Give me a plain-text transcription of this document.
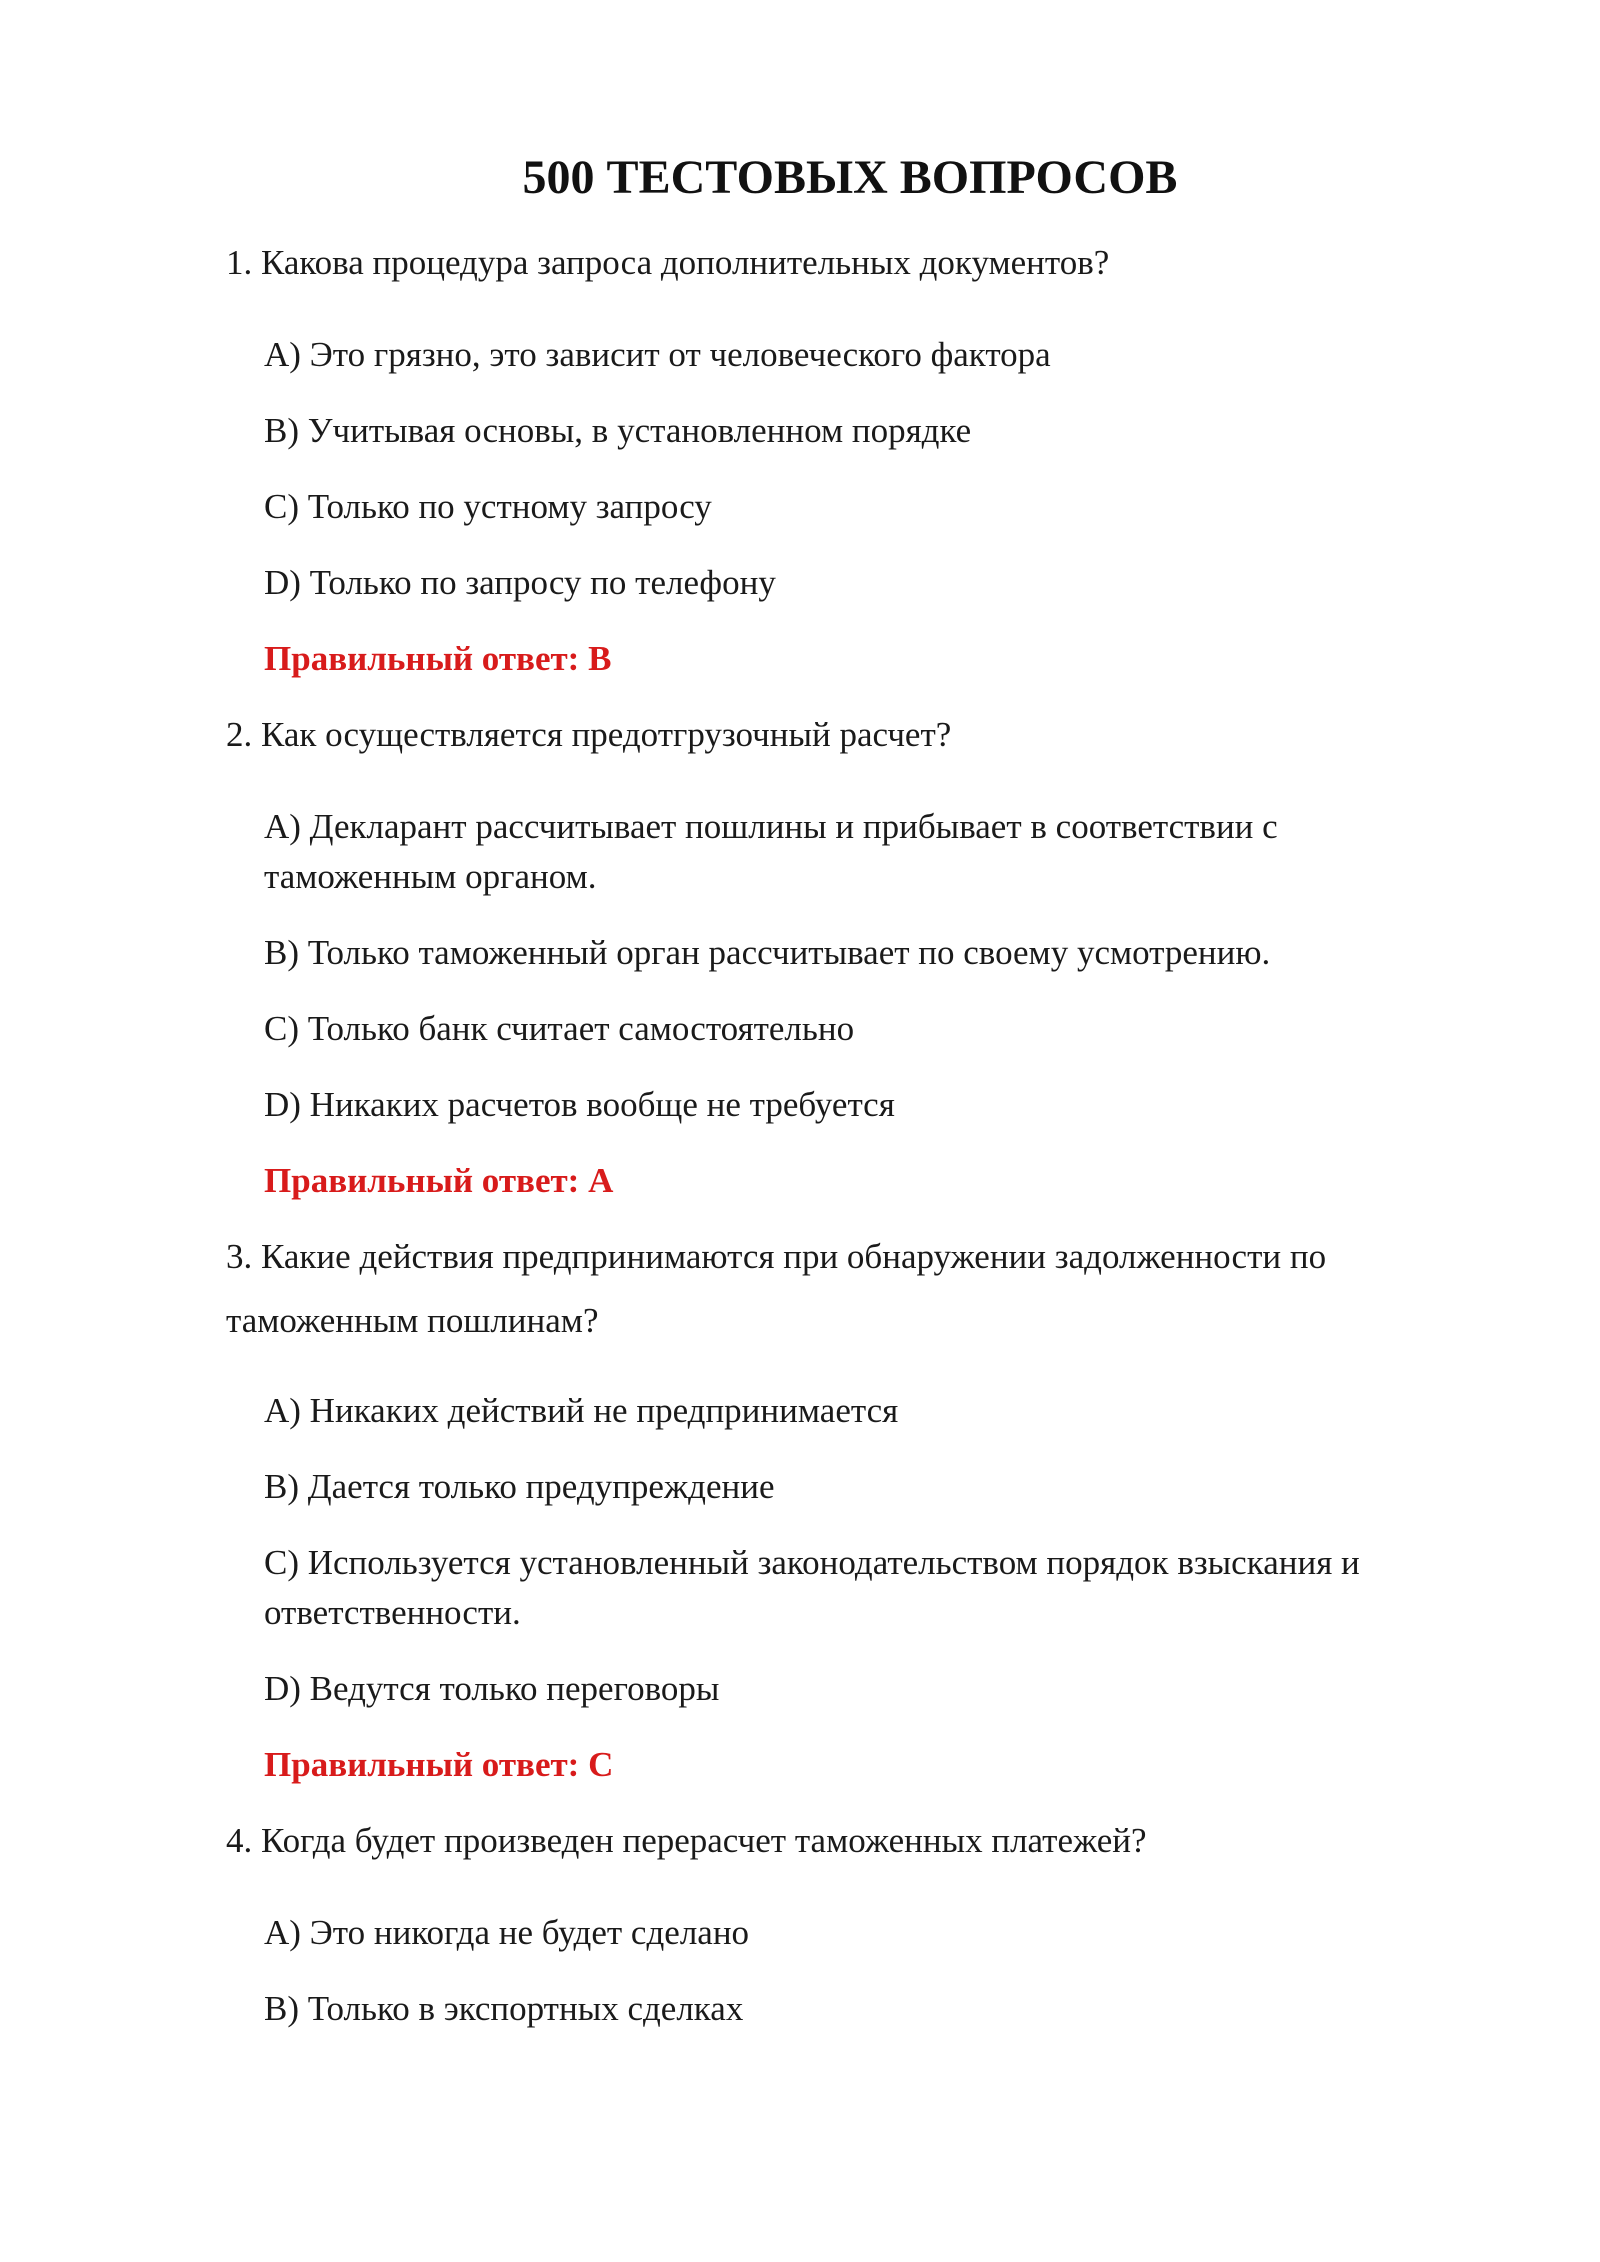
500 ТЕСТОВЫХ ВОПРОСОВ

1. Какова процедура запроса дополнительных документов?

A) Это грязно, это зависит от человеческого фактора

B) Учитывая основы, в установленном порядке

C) Только по устному запросу

D) Только по запросу по телефону

Правильный ответ: B

2. Как осуществляется предотгрузочный расчет?

A) Декларант рассчитывает пошлины и прибывает в соответствии с

таможенным органом.

B) Только таможенный орган рассчитывает по своему усмотрению.

C) Только банк считает самостоятельно

D) Никаких расчетов вообще не требуется

Правильный ответ: A

3. Какие действия предпринимаются при обнаружении задолженности по

таможенным пошлинам?

A) Никаких действий не предпринимается

B) Дается только предупреждение

C) Используется установленный законодательством порядок взыскания и

ответственности.

D) Ведутся только переговоры

Правильный ответ: C

4. Когда будет произведен перерасчет таможенных платежей?

A) Это никогда не будет сделано

B) Только в экспортных сделках
